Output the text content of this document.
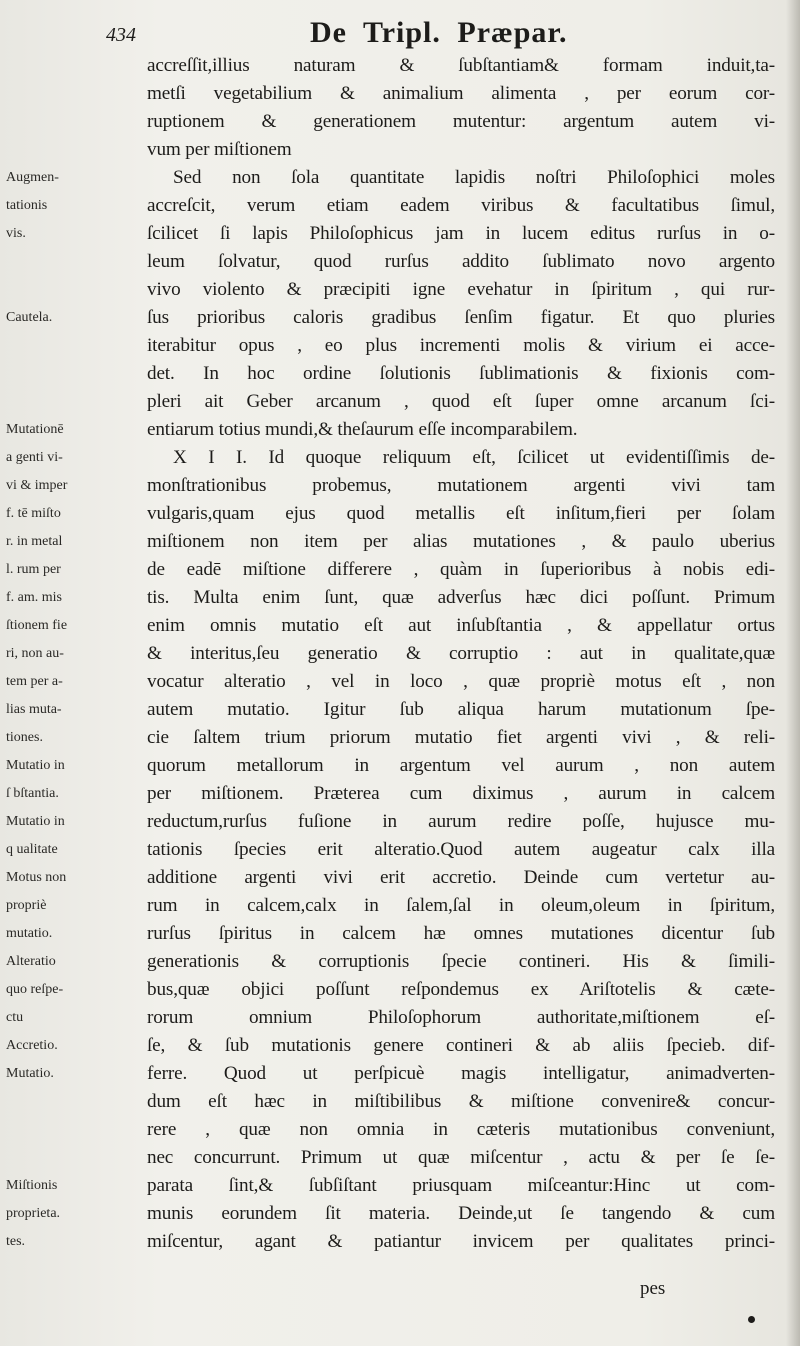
434	De Tripl. Præpar.
Augmen-
tationis
vis.
Cautela.
Mutationē
a genti vi-
vi & imper
f. tē miſto
r. in metal
l. rum per
f. am. mis
ſtionem fie
ri, non au-
tem per a-
lias muta-
tiones.
Mutatio in
ſ bſtantia.
Mutatio in
q ualitate
Motus non
propriè
mutatio.
Alteratio
quo reſpe-
ctu
Accretio.
Mutatio.
Miſtionis
proprieta.
tes.
accreſſit,illius naturam & ſubſtantiam& formam induit,ta-
metſi vegetabilium & animalium alimenta , per eorum cor-
ruptionem & generationem mutentur: argentum autem vi-
vum per miſtionem
Sed non ſola quantitate lapidis noſtri Philoſophici moles
accreſcit, verum etiam eadem viribus & facultatibus ſimul,
ſcilicet ſi lapis Philoſophicus jam in lucem editus rurſus in o-
leum ſolvatur, quod rurſus addito ſublimato novo argento
vivo violento & præcipiti igne evehatur in ſpiritum , qui rur-
ſus prioribus caloris gradibus ſenſim figatur. Et quo pluries
iterabitur opus , eo plus incrementi molis & virium ei acce-
det. In hoc ordine ſolutionis ſublimationis & fixionis com-
pleri ait Geber arcanum , quod eſt ſuper omne arcanum ſci-
entiarum totius mundi,& theſaurum eſſe incomparabilem.
X I I. Id quoque reliquum eſt, ſcilicet ut evidentiſſimis de-
monſtrationibus probemus, mutationem argenti vivi tam
vulgaris,quam ejus quod metallis eſt inſitum,fieri per ſolam
miſtionem non item per alias mutationes , & paulo uberius
de eadē miſtione differere , quàm in ſuperioribus à nobis edi-
tis. Multa enim ſunt, quæ adverſus hæc dici poſſunt. Primum
enim omnis mutatio eſt aut inſubſtantia , & appellatur ortus
& interitus,ſeu generatio & corruptio : aut in qualitate,quæ
vocatur alteratio , vel in loco , quæ propriè motus eſt , non
autem mutatio. Igitur ſub aliqua harum mutationum ſpe-
cie ſaltem trium priorum mutatio fiet argenti vivi , & reli-
quorum metallorum in argentum vel aurum , non autem
per miſtionem. Præterea cum diximus , aurum in calcem
reductum,rurſus fuſione in aurum redire poſſe, hujusce mu-
tationis ſpecies erit alteratio.Quod autem augeatur calx illa
additione argenti vivi erit accretio. Deinde cum vertetur au-
rum in calcem,calx in ſalem,ſal in oleum,oleum in ſpiritum,
rurſus ſpiritus in calcem hæ omnes mutationes dicentur ſub
generationis & corruptionis ſpecie contineri. His & ſimili-
bus,quæ objici poſſunt reſpondemus ex Ariſtotelis & cæte-
rorum omnium Philoſophorum authoritate,miſtionem eſ-
ſe, & ſub mutationis genere contineri & ab aliis ſpecieb. dif-
ferre. Quod ut perſpicuè magis intelligatur, animadverten-
dum eſt hæc in miſtibilibus & miſtione convenire& concur-
rere , quæ non omnia in cæteris mutationibus conveniunt,
nec concurrunt. Primum ut quæ miſcentur , actu & per ſe ſe-
parata ſint,& ſubſiſtant priusquam miſceantur:Hinc ut com-
munis eorundem ſit materia. Deinde,ut ſe tangendo & cum
miſcentur, agant & patiantur invicem per qualitates princi-
pes
